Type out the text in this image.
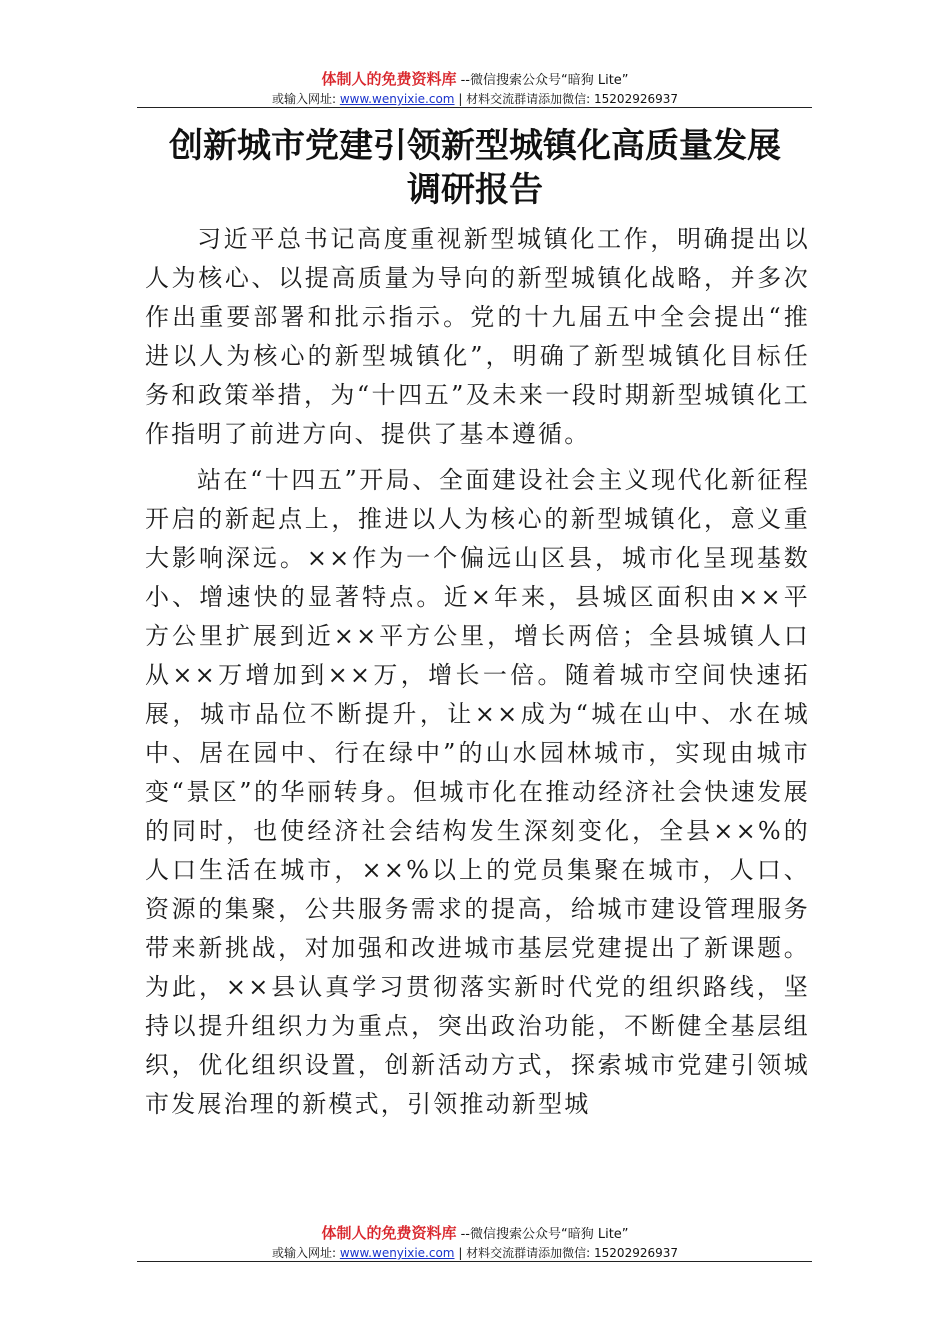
体制人的免费资料库 --微信搜索公众号“暗狗 Lite”
或输入网址: www.wenyixie.com | 材料交流群请添加微信: 15202926937
创新城市党建引领新型城镇化高质量发展
调研报告

习近平总书记高度重视新型城镇化工作，明确提出以人为核心、以提高质量为导向的新型城镇化战略，并多次作出重要部署和批示指示。党的十九届五中全会提出“推进以人为核心的新型城镇化”，明确了新型城镇化目标任务和政策举措，为“十四五”及未来一段时期新型城镇化工作指明了前进方向、提供了基本遵循。

站在“十四五”开局、全面建设社会主义现代化新征程开启的新起点上，推进以人为核心的新型城镇化，意义重大影响深远。××作为一个偏远山区县，城市化呈现基数小、增速快的显著特点。近×年来，县城区面积由××平方公里扩展到近××平方公里，增长两倍；全县城镇人口从××万增加到××万，增长一倍。随着城市空间快速拓展，城市品位不断提升，让××成为“城在山中、水在城中、居在园中、行在绿中”的山水园林城市，实现由城市变“景区”的华丽转身。但城市化在推动经济社会快速发展的同时，也使经济社会结构发生深刻变化，全县××%的人口生活在城市，××%以上的党员集聚在城市，人口、资源的集聚，公共服务需求的提高，给城市建设管理服务带来新挑战，对加强和改进城市基层党建提出了新课题。为此，××县认真学习贯彻落实新时代党的组织路线，坚持以提升组织力为重点，突出政治功能，不断健全基层组织，优化组织设置，创新活动方式，探索城市党建引领城市发展治理的新模式，引领推动新型城

体制人的免费资料库 --微信搜索公众号“暗狗 Lite”
或输入网址: www.wenyixie.com | 材料交流群请添加微信: 15202926937
